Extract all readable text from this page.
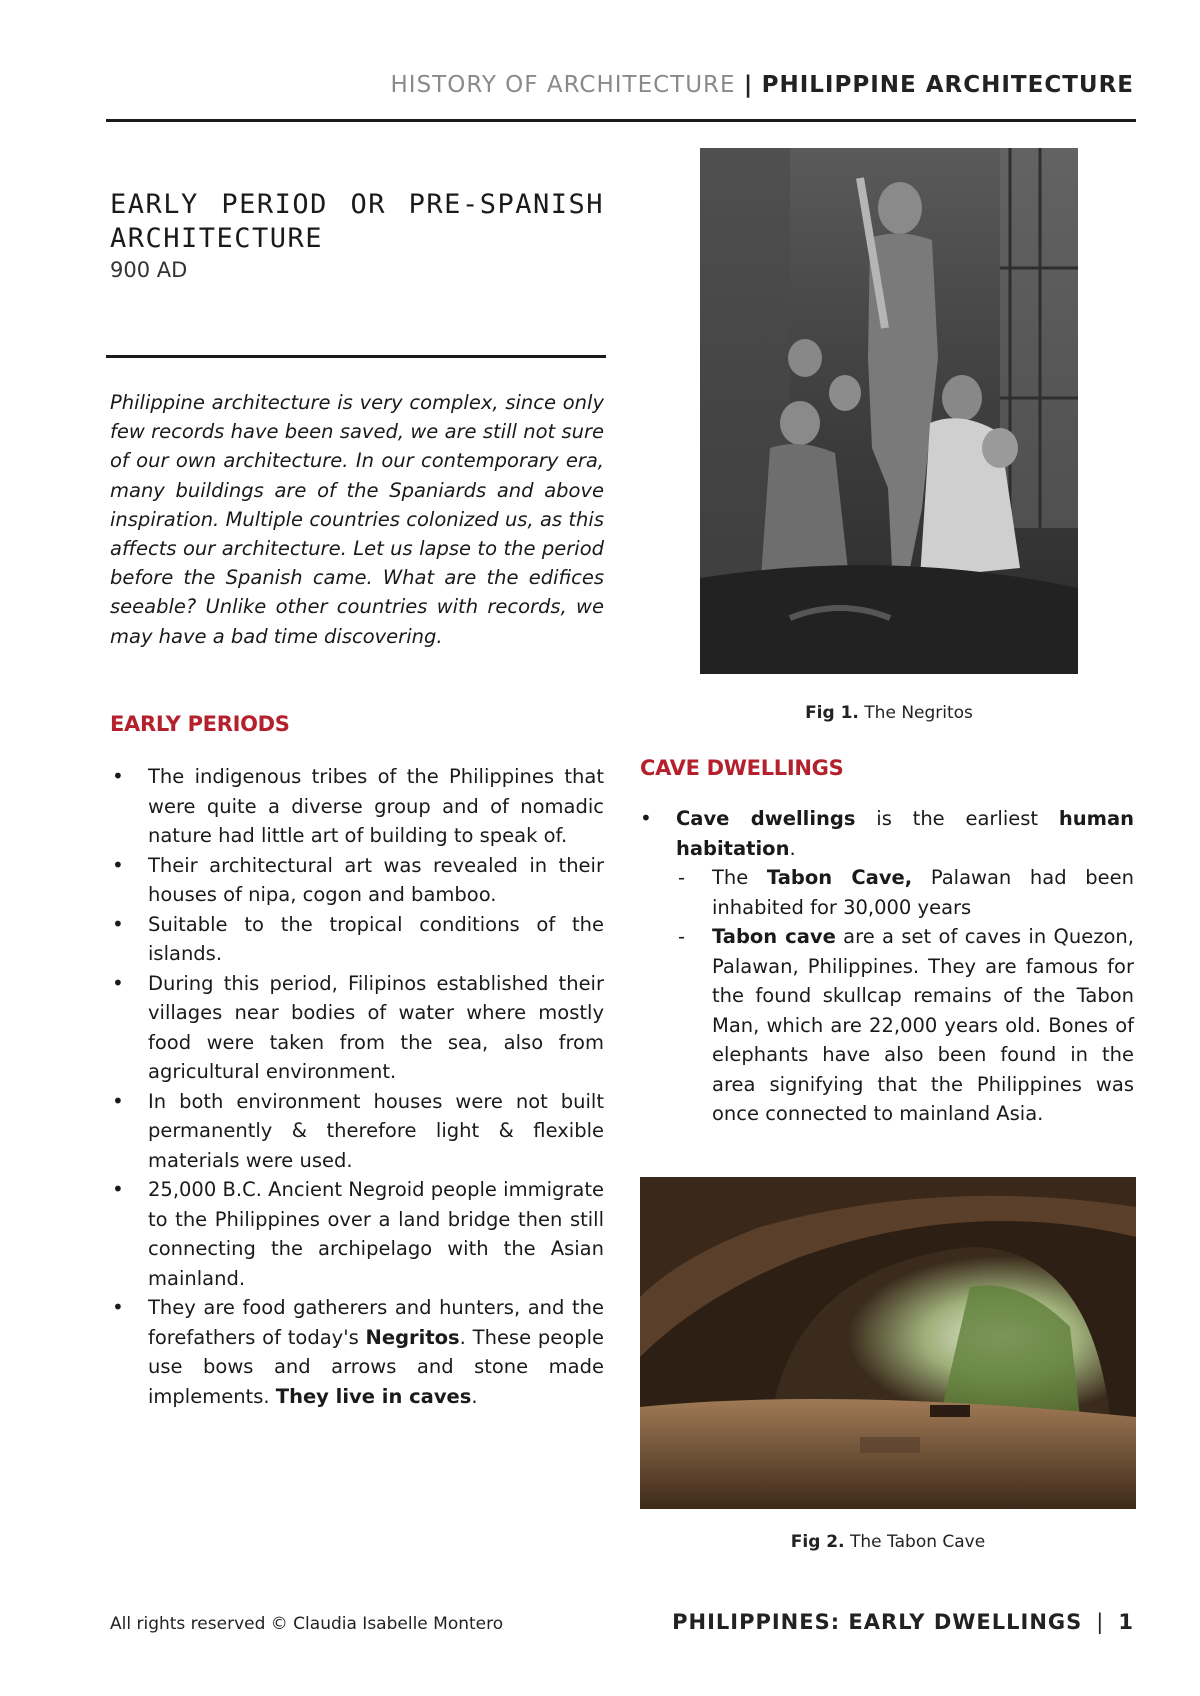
HISTORY OF ARCHITECTURE | PHILIPPINE ARCHITECTURE
EARLY PERIOD OR PRE-SPANISH
ARCHITECTURE
900 AD
Philippine architecture is very complex, since only few records have been saved, we are still not sure of our own architecture. In our contemporary era, many buildings are of the Spaniards and above inspiration. Multiple countries colonized us, as this affects our architecture. Let us lapse to the period before the Spanish came. What are the edifices seeable? Unlike other countries with records, we may have a bad time discovering.
EARLY PERIODS
• The indigenous tribes of the Philippines that were quite a diverse group and of nomadic nature had little art of building to speak of.
• Their architectural art was revealed in their houses of nipa, cogon and bamboo.
• Suitable to the tropical conditions of the islands.
• During this period, Filipinos established their villages near bodies of water where mostly food were taken from the sea, also from agricultural environment.
• In both environment houses were not built permanently & therefore light & flexible materials were used.
• 25,000 B.C. Ancient Negroid people immigrate to the Philippines over a land bridge then still connecting the archipelago with the Asian mainland.
• They are food gatherers and hunters, and the forefathers of today's Negritos. These people use bows and arrows and stone made implements. They live in caves.
Fig 1. The Negritos
CAVE DWELLINGS
• Cave dwellings is the earliest human habitation.
- The Tabon Cave, Palawan had been inhabited for 30,000 years
- Tabon cave are a set of caves in Quezon, Palawan, Philippines. They are famous for the found skullcap remains of the Tabon Man, which are 22,000 years old. Bones of elephants have also been found in the area signifying that the Philippines was once connected to mainland Asia.
Fig 2. The Tabon Cave
All rights reserved © Claudia Isabelle Montero	PHILIPPINES: EARLY DWELLINGS | 1
